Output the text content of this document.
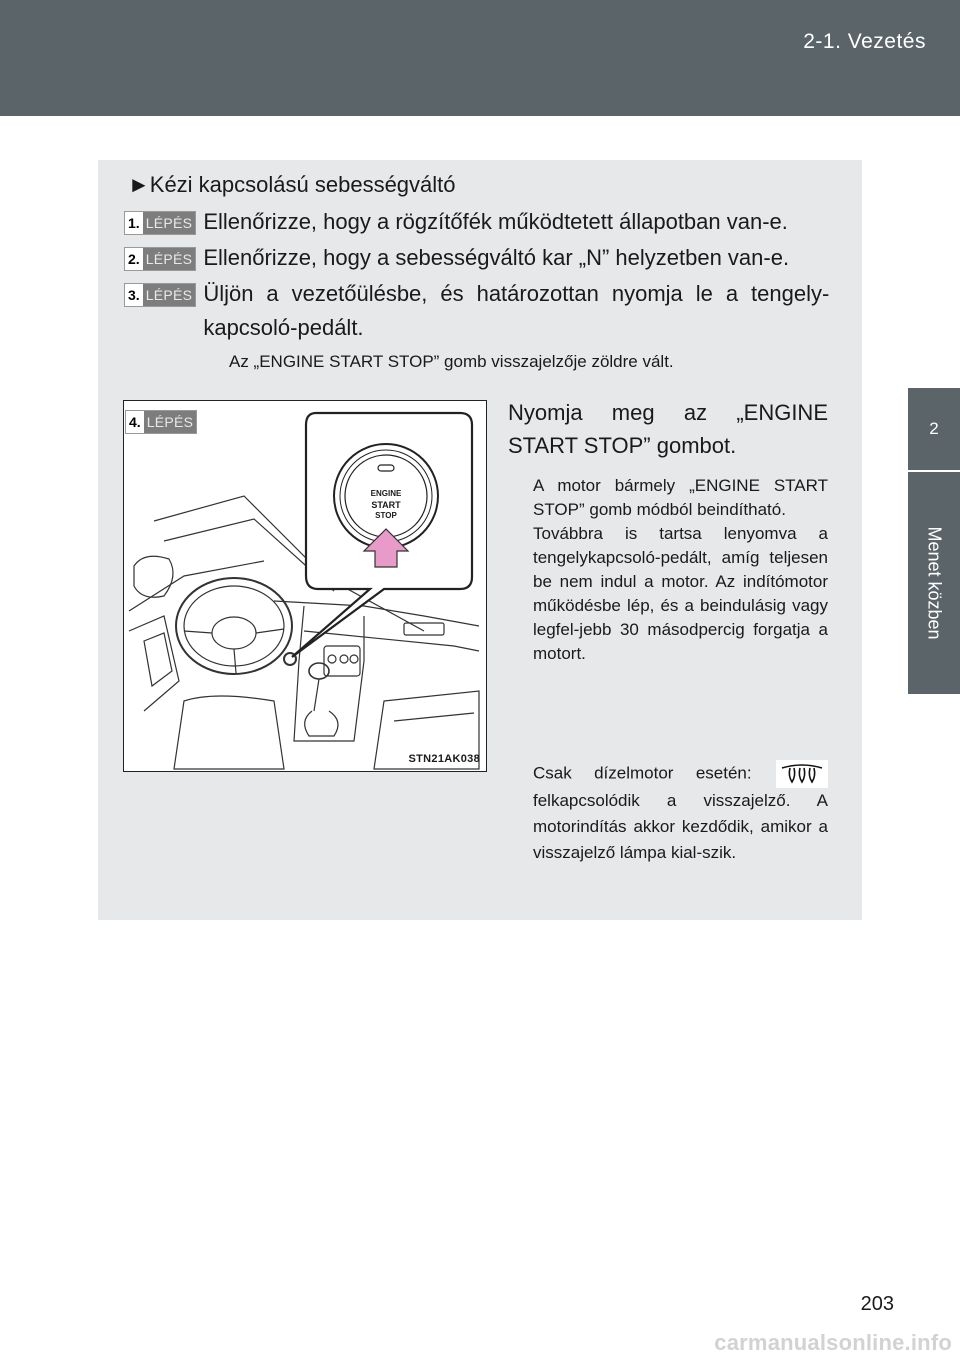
2-1. Vezetés
2
Menet közben
►Kézi kapcsolású sebességváltó
1. LÉPÉS Ellenőrizze, hogy a rögzítőfék működtetett állapotban van-e.
2. LÉPÉS Ellenőrizze, hogy a sebességváltó kar „N” helyzetben van-e.
3. LÉPÉS Üljön a vezetőülésbe, és határozottan nyomja le a tengely-
kapcsoló-pedált.
Az „ENGINE START STOP” gomb visszajelzője zöldre vált.
ENGINE
START
STOP
4. LÉPÉS
STN21AK038
Nyomja meg az „ENGINE START STOP” gombot.

A motor bármely „ENGINE START STOP” gomb módból beindítható.

Továbbra is tartsa lenyomva a tengelykapcsoló-pedált, amíg teljesen be nem indul a motor. Az indítómotor működésbe lép, és a beindulásig vagy legfel-jebb 30 másodpercig forgatja a motort.

Csak dízelmotor esetén:  felkapcsolódik a visszajelző. A motorindítás akkor kezdődik, amikor a visszajelző lámpa kial-szik.
203
carmanualsonline.info
